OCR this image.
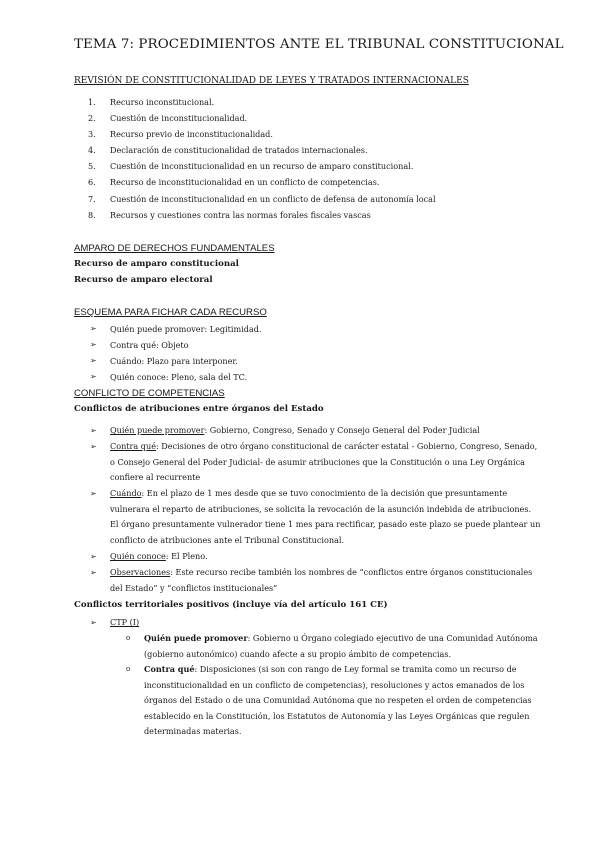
TEMA 7: PROCEDIMIENTOS ANTE EL TRIBUNAL CONSTITUCIONAL
REVISIÓN DE CONSTITUCIONALIDAD DE LEYES Y TRATADOS INTERNACIONALES
1. Recurso inconstitucional.
2. Cuestión de inconstitucionalidad.
3. Recurso previo de inconstitucionalidad.
4. Declaración de constitucionalidad de tratados internacionales.
5. Cuestión de inconstitucionalidad en un recurso de amparo constitucional.
6. Recurso de inconstitucionalidad en un conflicto de competencias.
7. Cuestión de inconstitucionalidad en un conflicto de defensa de autonomía local
8. Recursos y cuestiones contra las normas forales fiscales vascas
AMPARO DE DERECHOS FUNDAMENTALES
Recurso de amparo constitucional
Recurso de amparo electoral
ESQUEMA PARA FICHAR CADA RECURSO
➢ Quién puede promover: Legitimidad.
➢ Contra qué: Objeto
➢ Cuándo: Plazo para interponer.
➢ Quién conoce: Pleno, sala del TC.
CONFLICTO DE COMPETENCIAS
Conflictos de atribuciones entre órganos del Estado
➢ Quién puede promover: Gobierno, Congreso, Senado y Consejo General del Poder Judicial
➢ Contra qué: Decisiones de otro órgano constitucional de carácter estatal - Gobierno, Congreso, Senado,
o Consejo General del Poder Judicial- de asumir atribuciones que la Constitución o una Ley Orgánica
confiere al recurrente
➢ Cuándo: En el plazo de 1 mes desde que se tuvo conocimiento de la decisión que presuntamente
vulnerara el reparto de atribuciones, se solicita la revocación de la asunción indebida de atribuciones.
El órgano presuntamente vulnerador tiene 1 mes para rectificar, pasado este plazo se puede plantear un
conflicto de atribuciones ante el Tribunal Constitucional.
➢ Quién conoce: El Pleno.
➢ Observaciones: Este recurso recibe también los nombres de “conflictos entre órganos constitucionales
del Estado” y “conflictos institucionales”
Conflictos territoriales positivos (incluye vía del artículo 161 CE)
➢ CTP (I)
o Quién puede promover: Gobierno u Órgano colegiado ejecutivo de una Comunidad Autónoma
(gobierno autonómico) cuando afecte a su propio ámbito de competencias.
o Contra qué: Disposiciones (si son con rango de Ley formal se tramita como un recurso de
inconstitucionalidad en un conflicto de competencias), resoluciones y actos emanados de los
órganos del Estado o de una Comunidad Autónoma que no respeten el orden de competencias
establecido en la Constitución, los Estatutos de Autonomía y las Leyes Orgánicas que regulen
determinadas materias.
